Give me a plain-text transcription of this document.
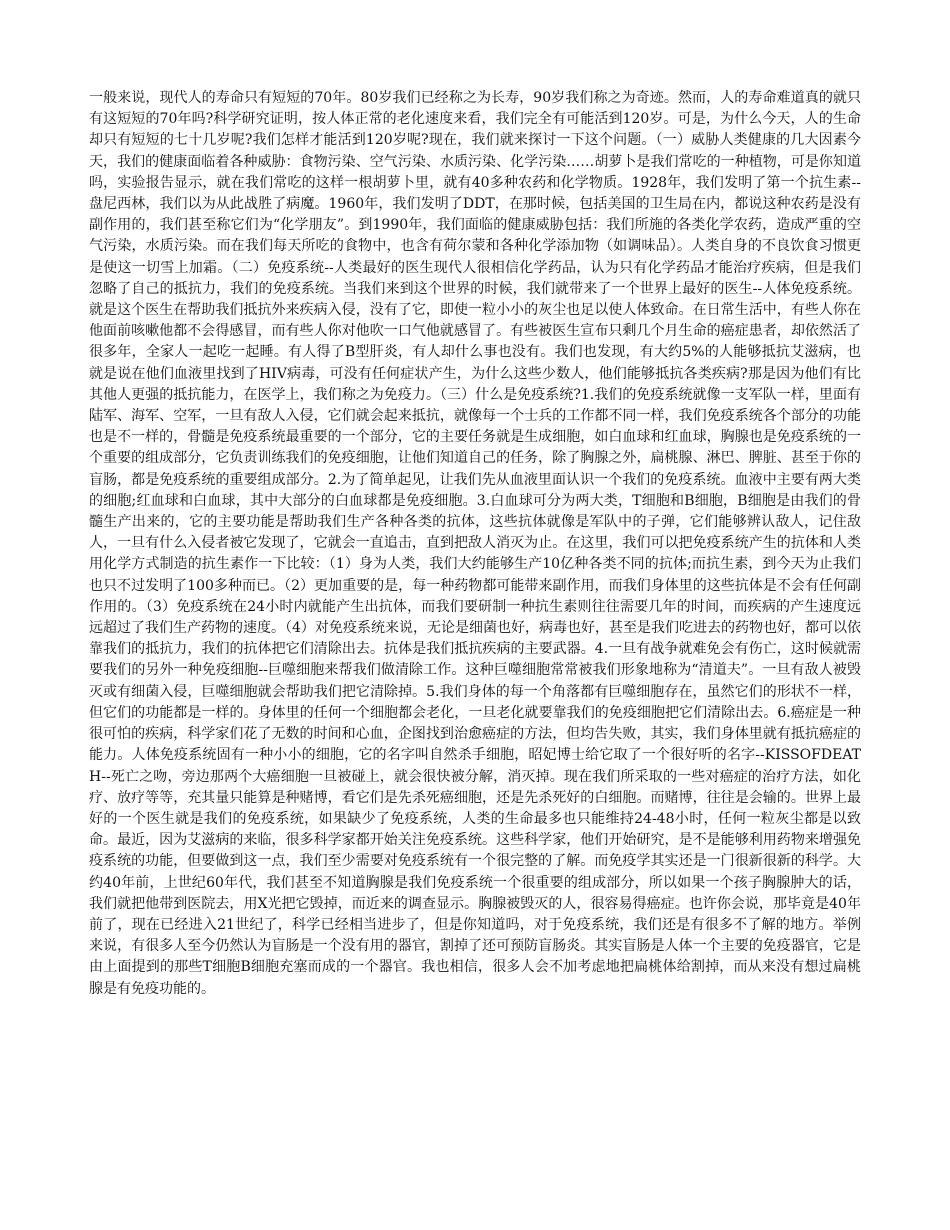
一般来说，现代人的寿命只有短短的70年。80岁我们已经称之为长寿，90岁我们称之为奇迹。然而，人的寿命难道真的就只有这短短的70年吗?科学研究证明，按人体正常的老化速度来看，我们完全有可能活到120岁。可是，为什么今天，人的生命却只有短短的七十几岁呢?我们怎样才能活到120岁呢?现在，我们就来探讨一下这个问题。（一）威胁人类健康的几大因素今天，我们的健康面临着各种威胁：食物污染、空气污染、水质污染、化学污染……胡萝卜是我们常吃的一种植物，可是你知道吗，实验报告显示，就在我们常吃的这样一根胡萝卜里，就有40多种农药和化学物质。1928年，我们发明了第一个抗生素--盘尼西林，我们以为从此战胜了病魔。1960年，我们发明了DDT，在那时候，包括美国的卫生局在内，都说这种农药是没有副作用的，我们甚至称它们为“化学朋友”。到1990年，我们面临的健康威胁包括：我们所施的各类化学农药，造成严重的空气污染，水质污染。而在我们每天所吃的食物中，也含有荷尔蒙和各种化学添加物（如调味品）。人类自身的不良饮食习惯更是使这一切雪上加霜。（二）免疫系统--人类最好的医生现代人很相信化学药品，认为只有化学药品才能治疗疾病，但是我们忽略了自己的抵抗力，我们的免疫系统。当我们来到这个世界的时候，我们就带来了一个世界上最好的医生--人体免疫系统。就是这个医生在帮助我们抵抗外来疾病入侵，没有了它，即使一粒小小的灰尘也足以使人体致命。在日常生活中，有些人你在他面前咳嗽他都不会得感冒，而有些人你对他吹一口气他就感冒了。有些被医生宣布只剩几个月生命的癌症患者，却依然活了很多年，全家人一起吃一起睡。有人得了B型肝炎，有人却什么事也没有。我们也发现，有大约5%的人能够抵抗艾滋病，也就是说在他们血液里找到了HIV病毒，可没有任何症状产生，为什么这些少数人，他们能够抵抗各类疾病?那是因为他们有比其他人更强的抵抗能力，在医学上，我们称之为免疫力。（三）什么是免疫系统?1.我们的免疫系统就像一支军队一样，里面有陆军、海军、空军，一旦有敌人入侵，它们就会起来抵抗，就像每一个士兵的工作都不同一样，我们免疫系统各个部分的功能也是不一样的，骨髓是免疫系统最重要的一个部分，它的主要任务就是生成细胞，如白血球和红血球，胸腺也是免疫系统的一个重要的组成部分，它负责训练我们的免疫细胞，让他们知道自己的任务，除了胸腺之外，扁桃腺、淋巴、脾脏、甚至于你的盲肠，都是免疫系统的重要组成部分。2.为了简单起见，让我们先从血液里面认识一个我们的免疫系统。血液中主要有两大类的细胞;红血球和白血球，其中大部分的白血球都是免疫细胞。3.白血球可分为两大类，T细胞和B细胞，B细胞是由我们的骨髓生产出来的，它的主要功能是帮助我们生产各种各类的抗体，这些抗体就像是军队中的子弹，它们能够辨认敌人，记住敌人，一旦有什么入侵者被它发现了，它就会一直追击，直到把敌人消灭为止。在这里，我们可以把免疫系统产生的抗体和人类用化学方式制造的抗生素作一下比较：（1）身为人类，我们大约能够生产10亿种各类不同的抗体;而抗生素，到今天为止我们也只不过发明了100多种而已。（2）更加重要的是，每一种药物都可能带来副作用，而我们身体里的这些抗体是不会有任何副作用的。（3）免疫系统在24小时内就能产生出抗体，而我们要研制一种抗生素则往往需要几年的时间，而疾病的产生速度远远超过了我们生产药物的速度。（4）对免疫系统来说，无论是细菌也好，病毒也好，甚至是我们吃进去的药物也好，都可以依靠我们的抵抗力，我们的抗体把它们清除出去。抗体是我们抵抗疾病的主要武器。4.一旦有战争就难免会有伤亡，这时候就需要我们的另外一种免疫细胞--巨噬细胞来帮我们做清除工作。这种巨噬细胞常常被我们形象地称为“清道夫”。一旦有敌人被毁灭或有细菌入侵，巨噬细胞就会帮助我们把它清除掉。5.我们身体的每一个角落都有巨噬细胞存在，虽然它们的形状不一样，但它们的功能都是一样的。身体里的任何一个细胞都会老化，一旦老化就要靠我们的免疫细胞把它们清除出去。6.癌症是一种很可怕的疾病，科学家们花了无数的时间和心血，企图找到治愈癌症的方法，但均告失败，其实，我们身体里就有抵抗癌症的能力。人体免疫系统固有一种小小的细胞，它的名字叫自然杀手细胞，昭妃博士给它取了一个很好听的名字--KISSOFDEATH--死亡之吻，旁边那两个大癌细胞一旦被碰上，就会很快被分解，消灭掉。现在我们所采取的一些对癌症的治疗方法，如化疗、放疗等等，充其量只能算是种赌博，看它们是先杀死癌细胞，还是先杀死好的白细胞。而赌博，往往是会输的。世界上最好的一个医生就是我们的免疫系统，如果缺少了免疫系统，人类的生命最多也只能维持24-48小时，任何一粒灰尘都是以致命。最近，因为艾滋病的来临，很多科学家都开始关注免疫系统。这些科学家，他们开始研究，是不是能够利用药物来增强免疫系统的功能，但要做到这一点，我们至少需要对免疫系统有一个很完整的了解。而免疫学其实还是一门很新很新的科学。大约40年前，上世纪60年代，我们甚至不知道胸腺是我们免疫系统一个很重要的组成部分，所以如果一个孩子胸腺肿大的话，我们就把他带到医院去，用X光把它毁掉，而近来的调查显示。胸腺被毁灭的人，很容易得癌症。也许你会说，那毕竟是40年前了，现在已经进入21世纪了，科学已经相当进步了，但是你知道吗，对于免疫系统，我们还是有很多不了解的地方。举例来说，有很多人至今仍然认为盲肠是一个没有用的器官，割掉了还可预防盲肠炎。其实盲肠是人体一个主要的免疫器官，它是由上面提到的那些T细胞B细胞充塞而成的一个器官。我也相信，很多人会不加考虑地把扁桃体给割掉，而从来没有想过扁桃腺是有免疫功能的。
